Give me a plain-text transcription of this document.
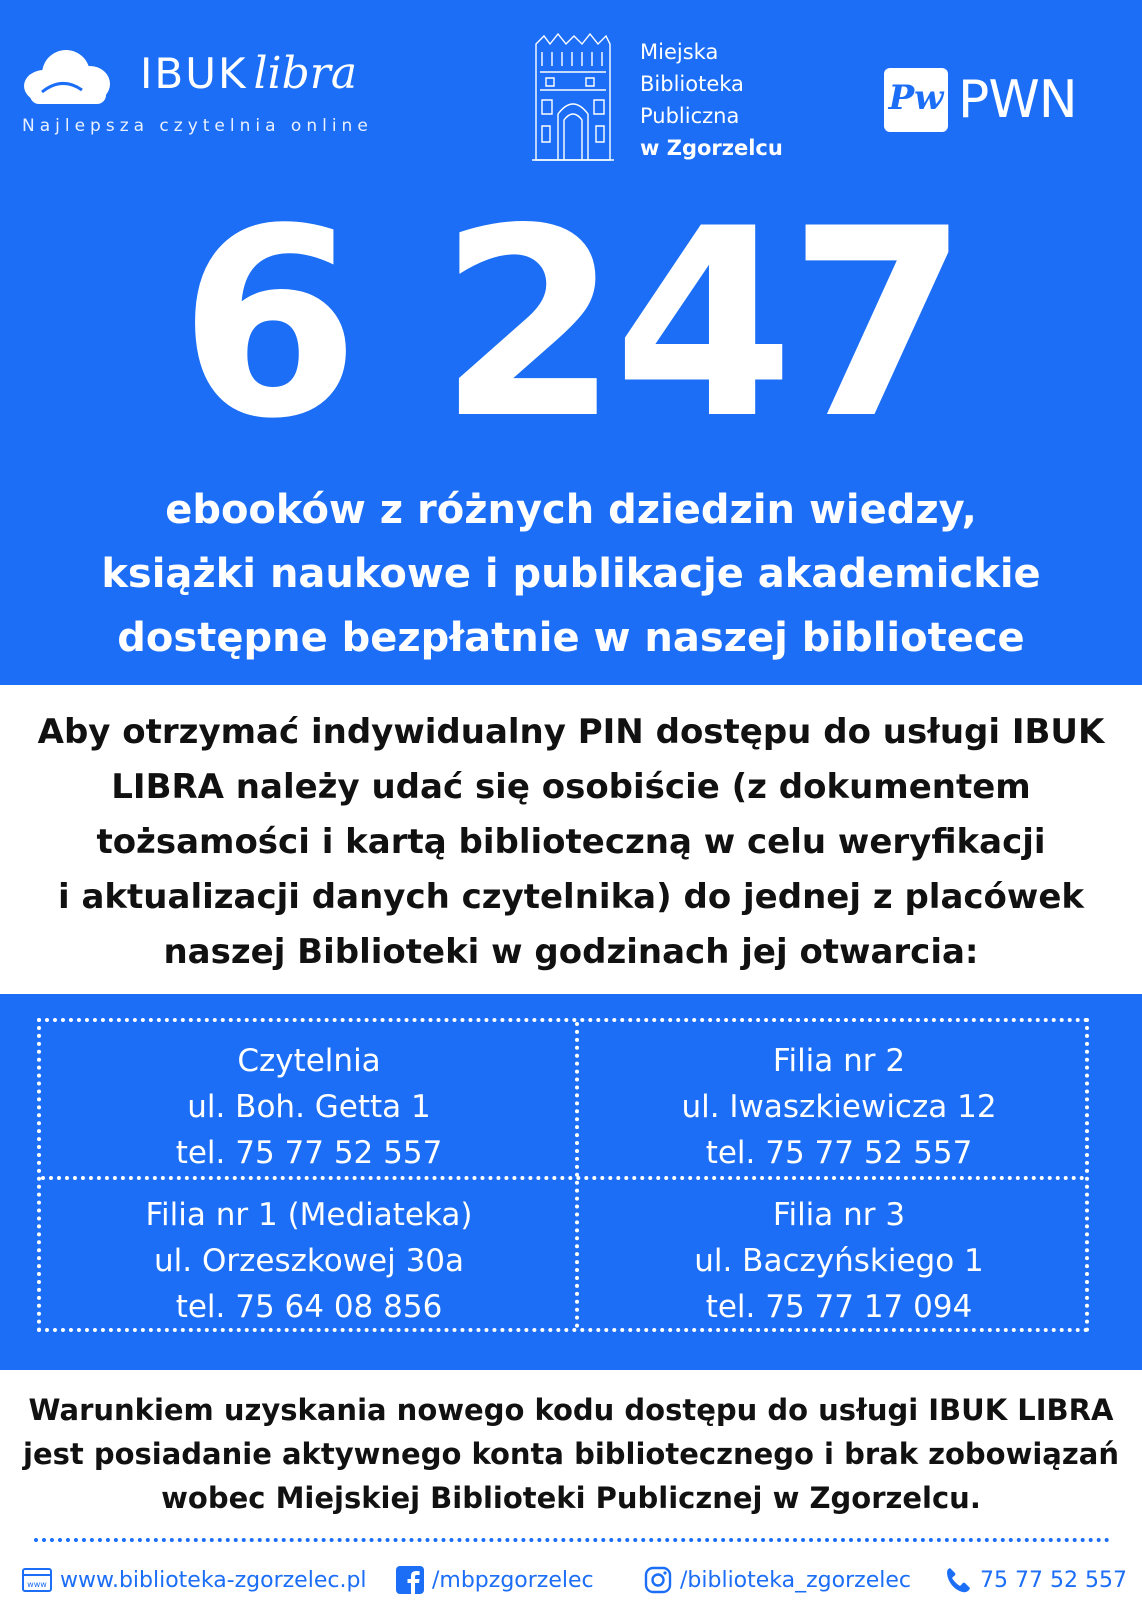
IBUK libra
Najlepsza czytelnia online
Miejska
Biblioteka
Publiczna
w Zgorzelcu
Pw PWN
6 247
ebooków z różnych dziedzin wiedzy,
książki naukowe i publikacje akademickie
dostępne bezpłatnie w naszej bibliotece
Aby otrzymać indywidualny PIN dostępu do usługi IBUK
LIBRA należy udać się osobiście (z dokumentem
tożsamości i kartą biblioteczną w celu weryfikacji
i aktualizacji danych czytelnika) do jednej z placówek
naszej Biblioteki w godzinach jej otwarcia:
Czytelnia
ul. Boh. Getta 1
tel. 75 77 52 557
Filia nr 2
ul. Iwaszkiewicza 12
tel. 75 77 52 557
Filia nr 1 (Mediateka)
ul. Orzeszkowej 30a
tel. 75 64 08 856
Filia nr 3
ul. Baczyńskiego 1
tel. 75 77 17 094
Warunkiem uzyskania nowego kodu dostępu do usługi IBUK LIBRA
jest posiadanie aktywnego konta bibliotecznego i brak zobowiązań
wobec Miejskiej Biblioteki Publicznej w Zgorzelcu.
www www.biblioteka-zgorzelec.pl	/mbpzgorzelec	/biblioteka_zgorzelec	75 77 52 557
